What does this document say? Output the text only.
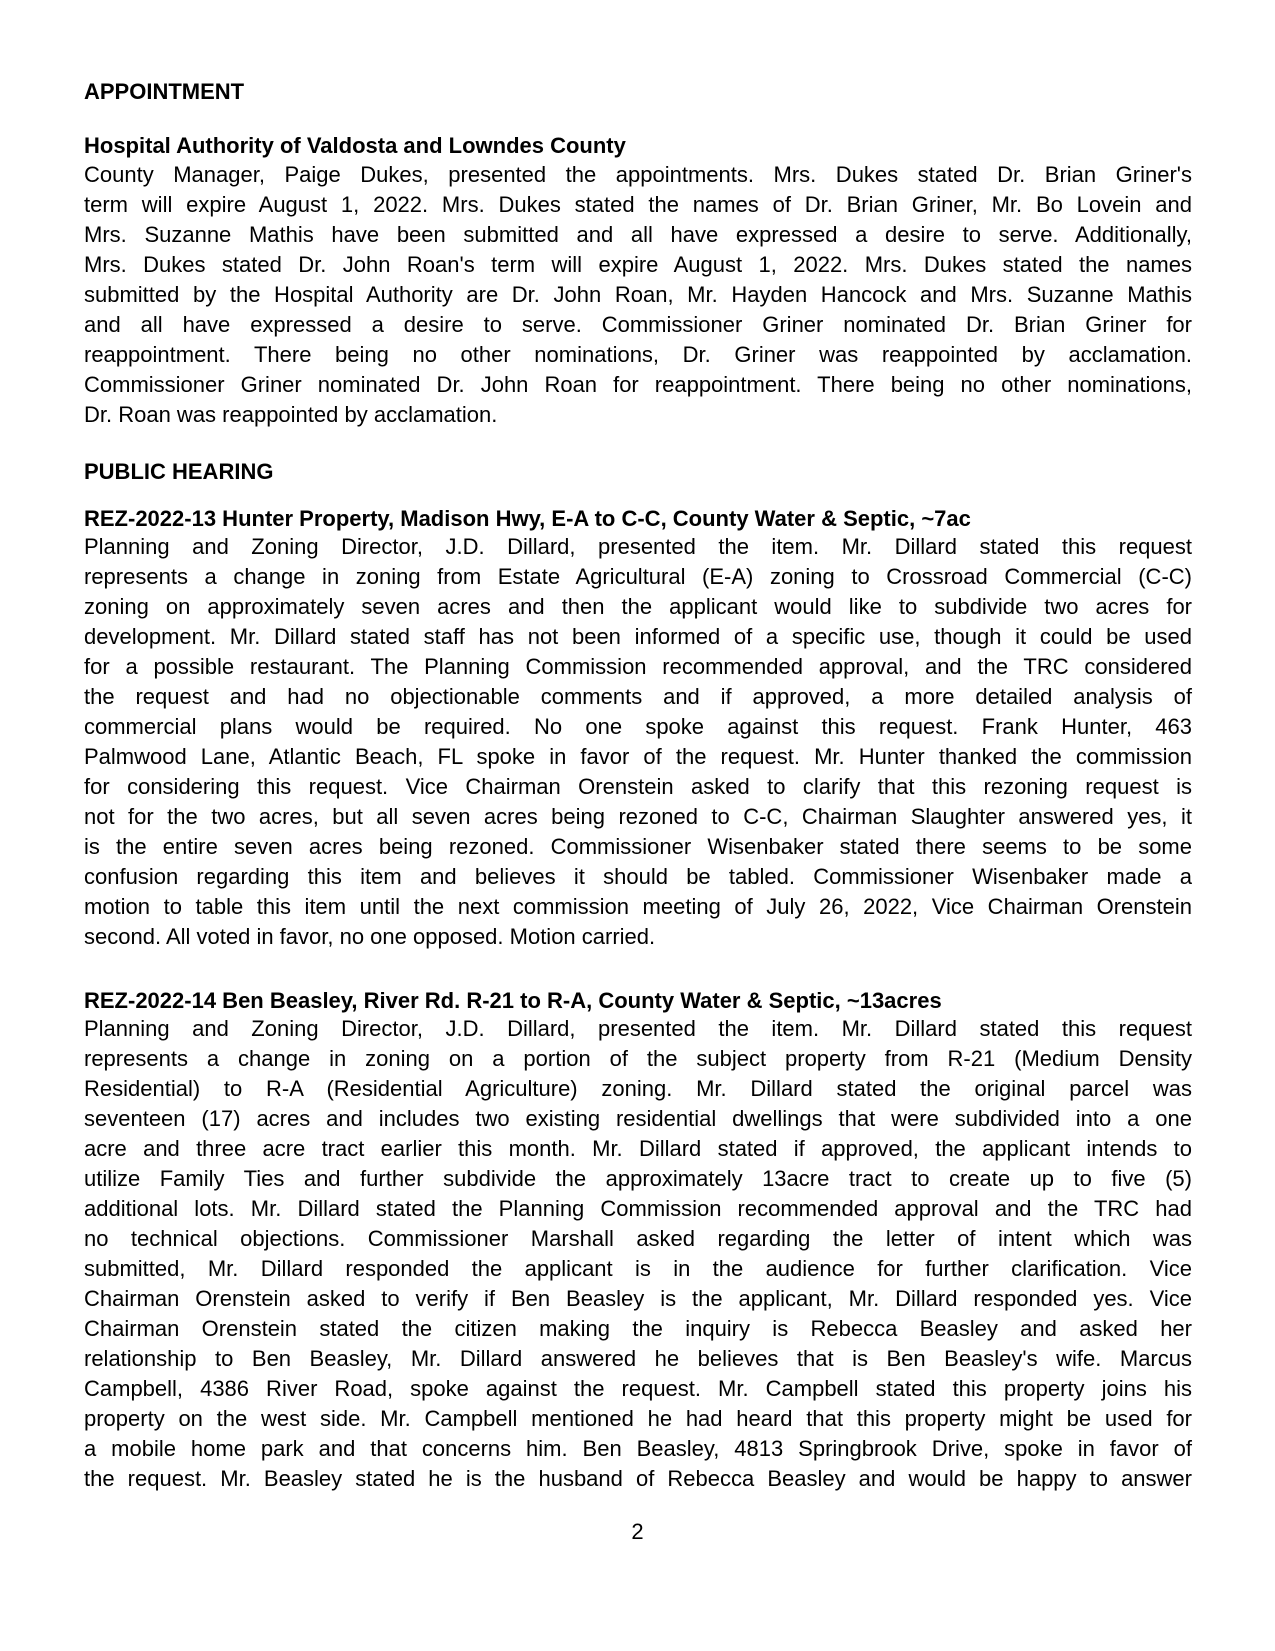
APPOINTMENT
Hospital Authority of Valdosta and Lowndes County
County Manager, Paige Dukes, presented the appointments. Mrs. Dukes stated Dr. Brian Griner's
term will expire August 1, 2022. Mrs. Dukes stated the names of Dr. Brian Griner, Mr. Bo Lovein and
Mrs. Suzanne Mathis have been submitted and all have expressed a desire to serve. Additionally,
Mrs. Dukes stated Dr. John Roan's term will expire August 1, 2022. Mrs. Dukes stated the names
submitted by the Hospital Authority are Dr. John Roan, Mr. Hayden Hancock and Mrs. Suzanne Mathis
and all have expressed a desire to serve. Commissioner Griner nominated Dr. Brian Griner for
reappointment. There being no other nominations, Dr. Griner was reappointed by acclamation.
Commissioner Griner nominated Dr. John Roan for reappointment. There being no other nominations,
Dr. Roan was reappointed by acclamation.
PUBLIC HEARING
REZ-2022-13 Hunter Property, Madison Hwy, E-A to C-C, County Water & Septic, ~7ac
Planning and Zoning Director, J.D. Dillard, presented the item. Mr. Dillard stated this request
represents a change in zoning from Estate Agricultural (E-A) zoning to Crossroad Commercial (C-C)
zoning on approximately seven acres and then the applicant would like to subdivide two acres for
development. Mr. Dillard stated staff has not been informed of a specific use, though it could be used
for a possible restaurant. The Planning Commission recommended approval, and the TRC considered
the request and had no objectionable comments and if approved, a more detailed analysis of
commercial plans would be required. No one spoke against this request. Frank Hunter, 463
Palmwood Lane, Atlantic Beach, FL spoke in favor of the request. Mr. Hunter thanked the commission
for considering this request. Vice Chairman Orenstein asked to clarify that this rezoning request is
not for the two acres, but all seven acres being rezoned to C-C, Chairman Slaughter answered yes, it
is the entire seven acres being rezoned. Commissioner Wisenbaker stated there seems to be some
confusion regarding this item and believes it should be tabled. Commissioner Wisenbaker made a
motion to table this item until the next commission meeting of July 26, 2022, Vice Chairman Orenstein
second. All voted in favor, no one opposed. Motion carried.
REZ-2022-14 Ben Beasley, River Rd. R-21 to R-A, County Water & Septic, ~13acres
Planning and Zoning Director, J.D. Dillard, presented the item. Mr. Dillard stated this request
represents a change in zoning on a portion of the subject property from R-21 (Medium Density
Residential) to R-A (Residential Agriculture) zoning. Mr. Dillard stated the original parcel was
seventeen (17) acres and includes two existing residential dwellings that were subdivided into a one
acre and three acre tract earlier this month. Mr. Dillard stated if approved, the applicant intends to
utilize Family Ties and further subdivide the approximately 13acre tract to create up to five (5)
additional lots. Mr. Dillard stated the Planning Commission recommended approval and the TRC had
no technical objections. Commissioner Marshall asked regarding the letter of intent which was
submitted, Mr. Dillard responded the applicant is in the audience for further clarification. Vice
Chairman Orenstein asked to verify if Ben Beasley is the applicant, Mr. Dillard responded yes. Vice
Chairman Orenstein stated the citizen making the inquiry is Rebecca Beasley and asked her
relationship to Ben Beasley, Mr. Dillard answered he believes that is Ben Beasley's wife. Marcus
Campbell, 4386 River Road, spoke against the request. Mr. Campbell stated this property joins his
property on the west side. Mr. Campbell mentioned he had heard that this property might be used for
a mobile home park and that concerns him. Ben Beasley, 4813 Springbrook Drive, spoke in favor of
the request. Mr. Beasley stated he is the husband of Rebecca Beasley and would be happy to answer
2
